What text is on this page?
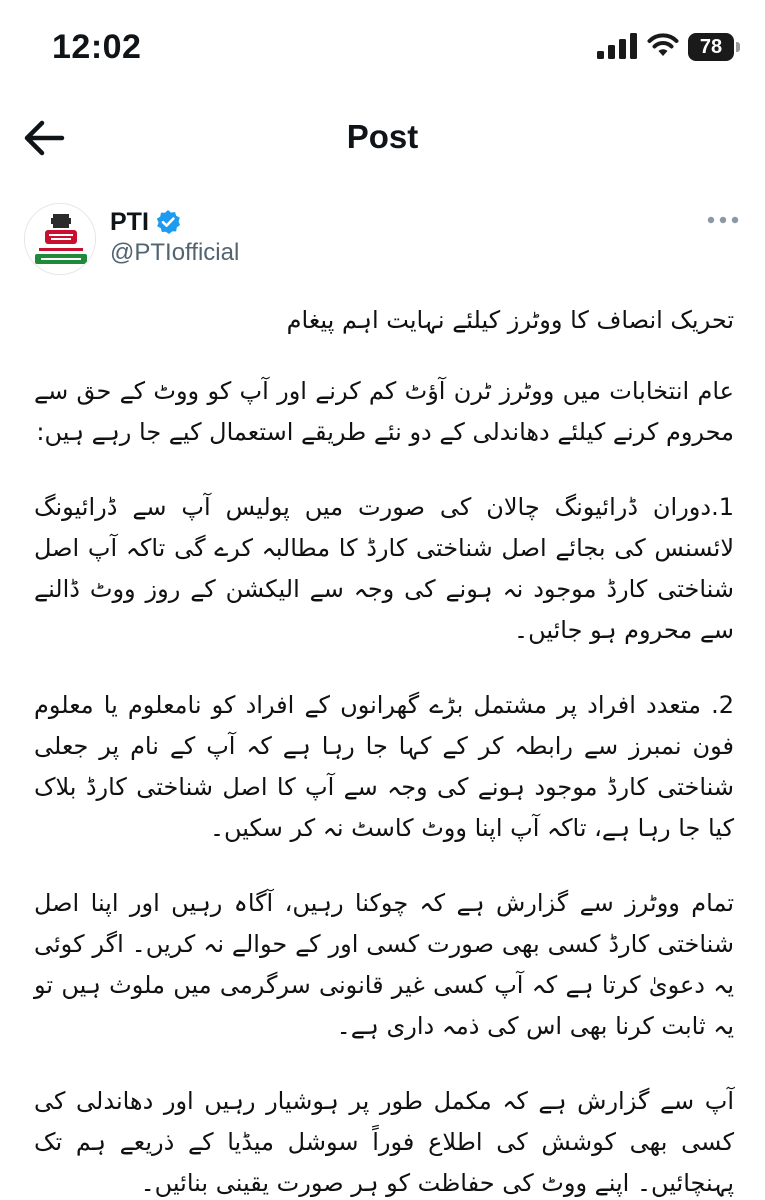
12:02	78
Post
PTI
@PTIofficial

تحریک انصاف کا ووٹرز کیلئے نہایت اہم پیغام

عام انتخابات میں ووٹرز ٹرن آؤٹ کم کرنے اور آپ کو ووٹ کے حق سے محروم کرنے کیلئے دھاندلی کے دو نئے طریقے استعمال کیے جا رہے ہیں:

1.دوران ڈرائیونگ چالان کی صورت میں پولیس آپ سے ڈرائیونگ لائسنس کی بجائے اصل شناختی کارڈ کا مطالبہ کرے گی تاکہ آپ اصل شناختی کارڈ موجود نہ ہونے کی وجہ سے الیکشن کے روز ووٹ ڈالنے سے محروم ہو جائیں۔

2. متعدد افراد پر مشتمل بڑے گھرانوں کے افراد کو نامعلوم یا معلوم فون نمبرز سے رابطہ کر کے کہا جا رہا ہے کہ آپ کے نام پر جعلی شناختی کارڈ موجود ہونے کی وجہ سے آپ کا اصل شناختی کارڈ بلاک کیا جا رہا ہے، تاکہ آپ اپنا ووٹ کاسٹ نہ کر سکیں۔

تمام ووٹرز سے گزارش ہے کہ چوکنا رہیں، آگاہ رہیں اور اپنا اصل شناختی کارڈ کسی بھی صورت کسی اور کے حوالے نہ کریں۔ اگر کوئی یہ دعویٰ کرتا ہے کہ آپ کسی غیر قانونی سرگرمی میں ملوث ہیں تو یہ ثابت کرنا بھی اس کی ذمہ داری ہے۔

آپ سے گزارش ہے کہ مکمل طور پر ہوشیار رہیں اور دھاندلی کی کسی بھی کوشش کی اطلاع فوراً سوشل میڈیا کے ذریعے ہم تک پہنچائیں۔ اپنے ووٹ کی حفاظت کو ہر صورت یقینی بنائیں۔
